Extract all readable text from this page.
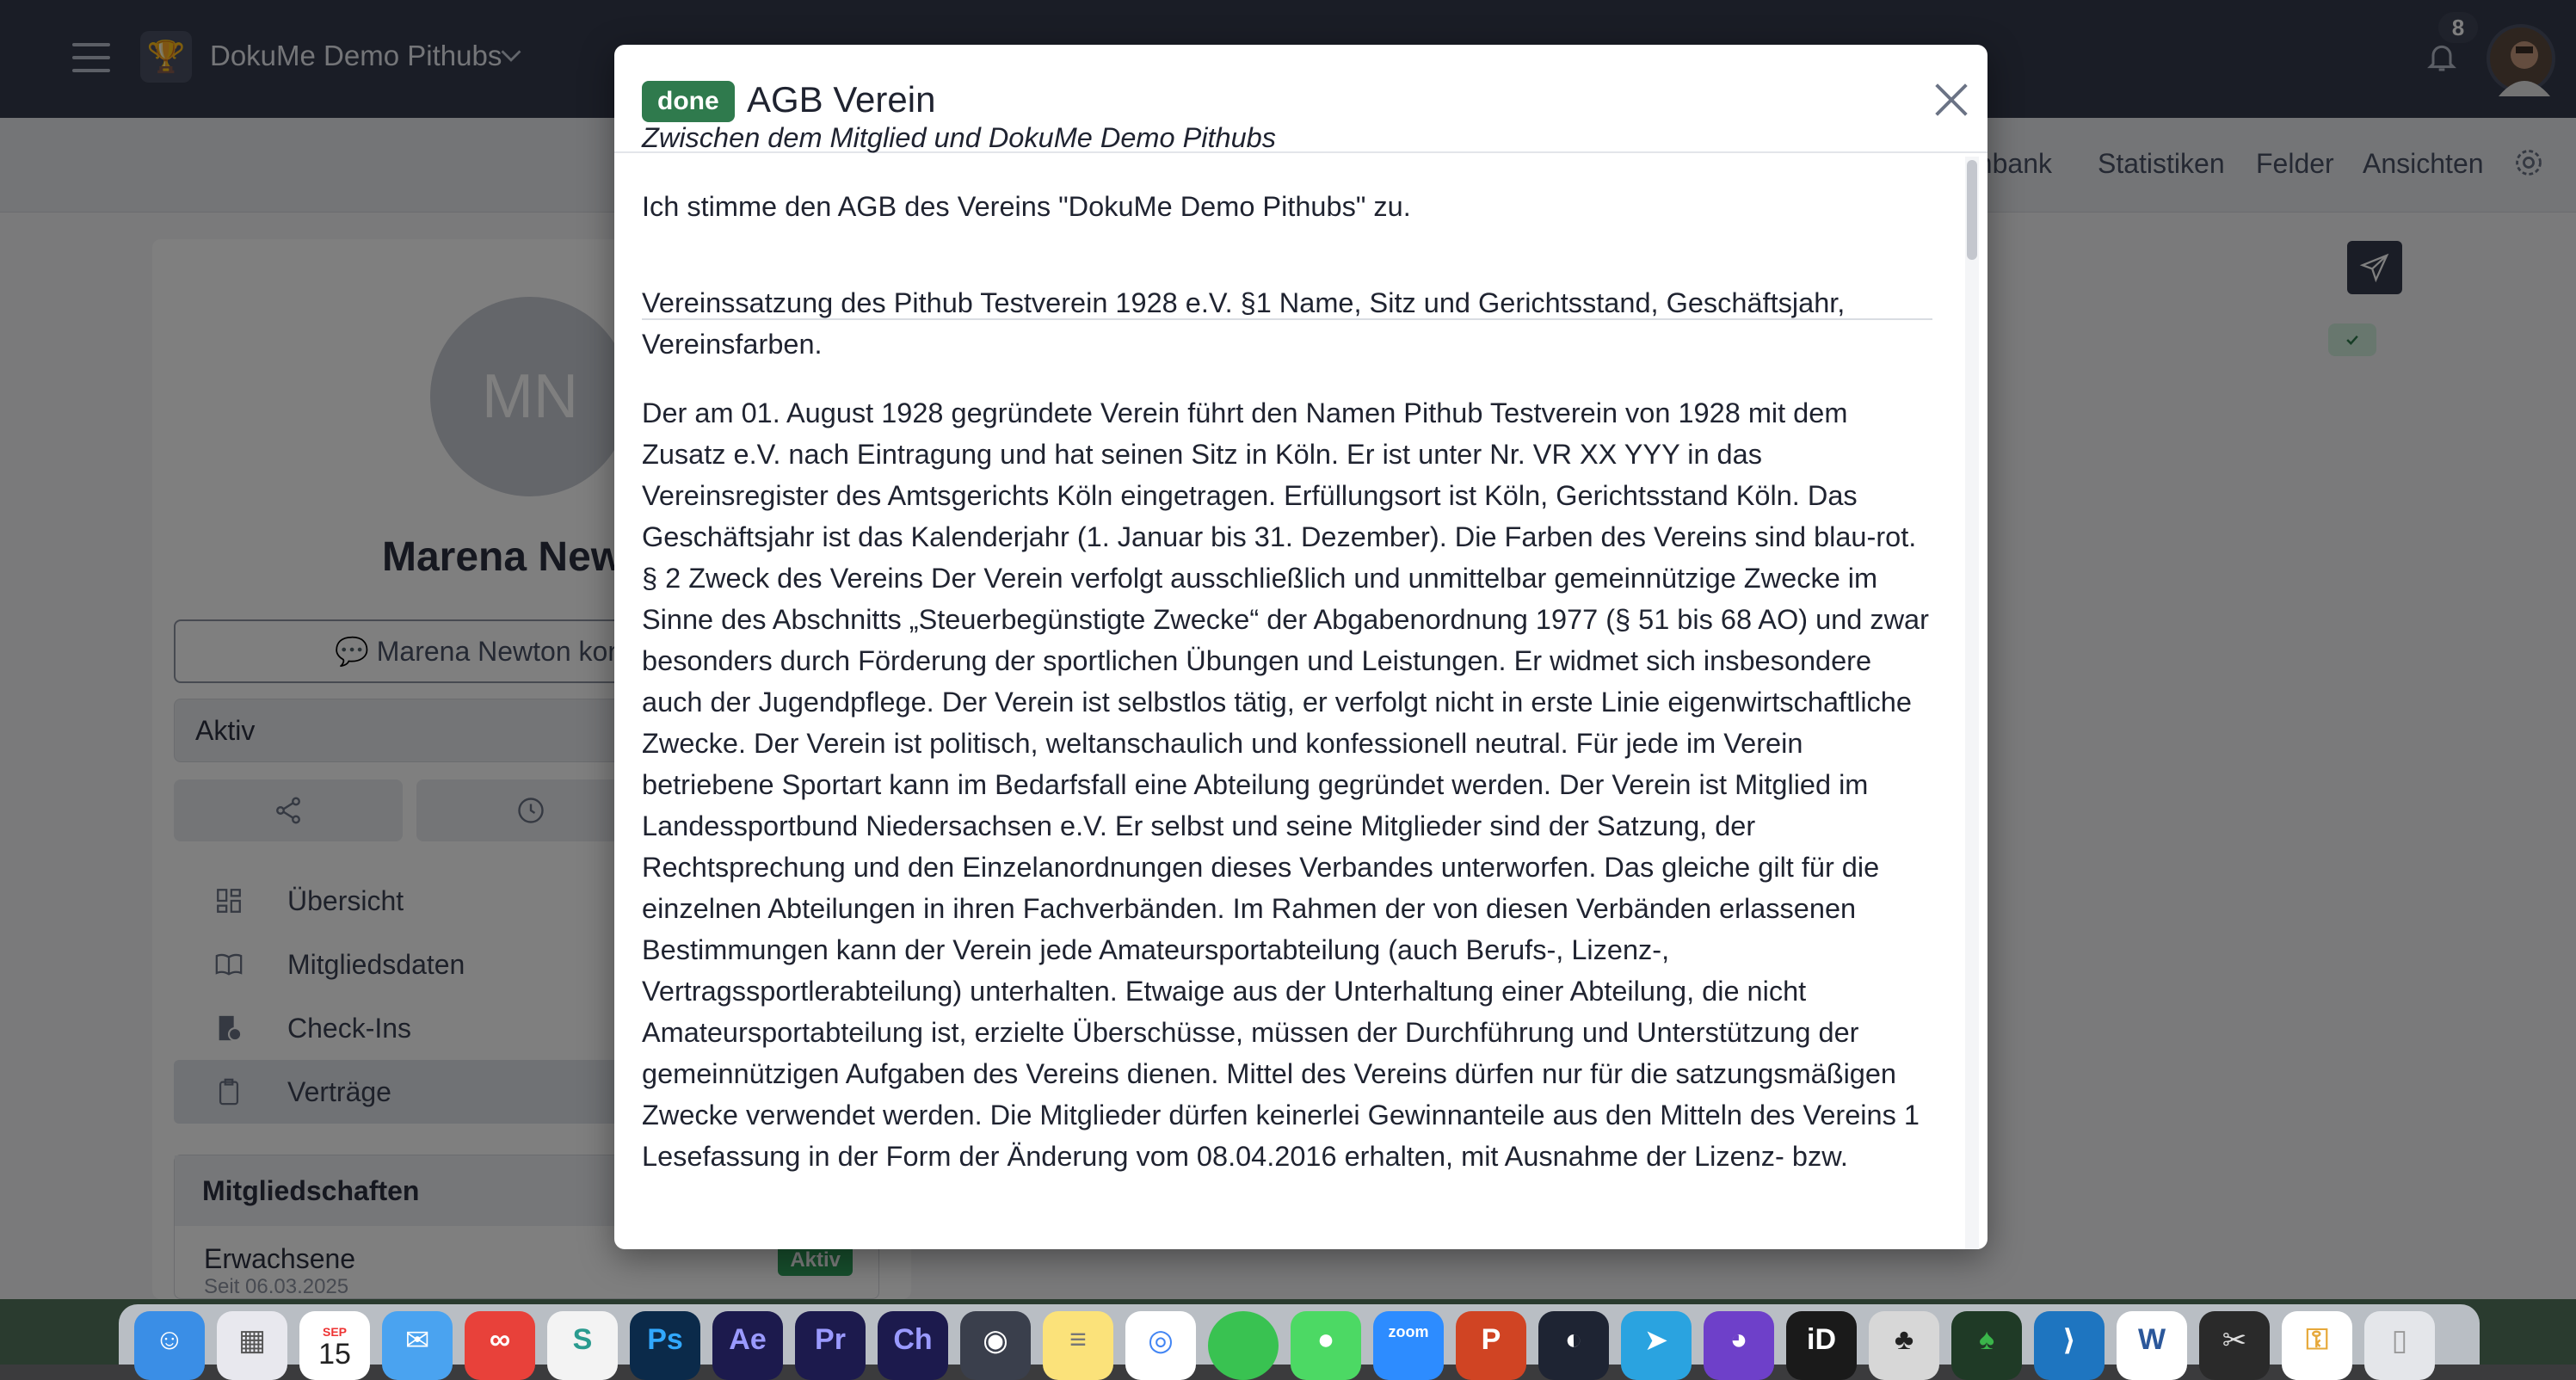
done AGB Verein
Zwischen dem Mitglied und DokuMe Demo Pithubs
Ich stimme den AGB des Vereins "DokuMe Demo Pithubs" zu.
Vereinssatzung des Pithub Testverein 1928 e.V. §1 Name, Sitz und Gerichtsstand, Geschäftsjahr, Vereinsfarben.
Der am 01. August 1928 gegründete Verein führt den Namen Pithub Testverein von 1928 mit dem Zusatz e.V. nach Eintragung und hat seinen Sitz in Köln. Er ist unter Nr. VR XX YYY in das Vereinsregister des Amtsgerichts Köln eingetragen. Erfüllungsort ist Köln, Gerichtsstand Köln. Das Geschäftsjahr ist das Kalenderjahr (1. Januar bis 31. Dezember). Die Farben des Vereins sind blau-rot. § 2 Zweck des Vereins Der Verein verfolgt ausschließlich und unmittelbar gemeinnützige Zwecke im Sinne des Abschnitts „Steuerbegünstigte Zwecke“ der Abgabenordnung 1977 (§ 51 bis 68 AO) und zwar besonders durch Förderung der sportlichen Übungen und Leistungen. Er widmet sich insbesondere auch der Jugendpflege. Der Verein ist selbstlos tätig, er verfolgt nicht in erste Linie eigenwirtschaftliche Zwecke. Der Verein ist politisch, weltanschaulich und konfessionell neutral. Für jede im Verein betriebene Sportart kann im Bedarfsfall eine Abteilung gegründet werden. Der Verein ist Mitglied im Landessportbund Niedersachsen e.V. Er selbst und seine Mitglieder sind der Satzung, der Rechtsprechung und den Einzelanordnungen dieses Verbandes unterworfen. Das gleiche gilt für die einzelnen Abteilungen in ihren Fachverbänden. Im Rahmen der von diesen Verbänden erlassenen Bestimmungen kann der Verein jede Amateursportabteilung (auch Berufs-, Lizenz-, Vertragssportlerabteilung) unterhalten. Etwaige aus der Unterhaltung einer Abteilung, die nicht Amateursportabteilung ist, erzielte Überschüsse, müssen der Durchführung und Unterstützung der gemeinnützigen Aufgaben des Vereins dienen. Mittel des Vereins dürfen nur für die satzungsmäßigen Zwecke verwendet werden. Die Mitglieder dürfen keinerlei Gewinnanteile aus den Mitteln des Vereins 1 Lesefassung in der Form der Änderung vom 08.04.2016 erhalten, mit Ausnahme der Lizenz- bzw.
☺	▦	SEP
15	✉	∞	S	Ps	Ae	Pr	Ch	◉	≡	◎	●	zoom	P	◐	➤	◕	iD	♣	♠	⟩	W	✂	⚿	▯
